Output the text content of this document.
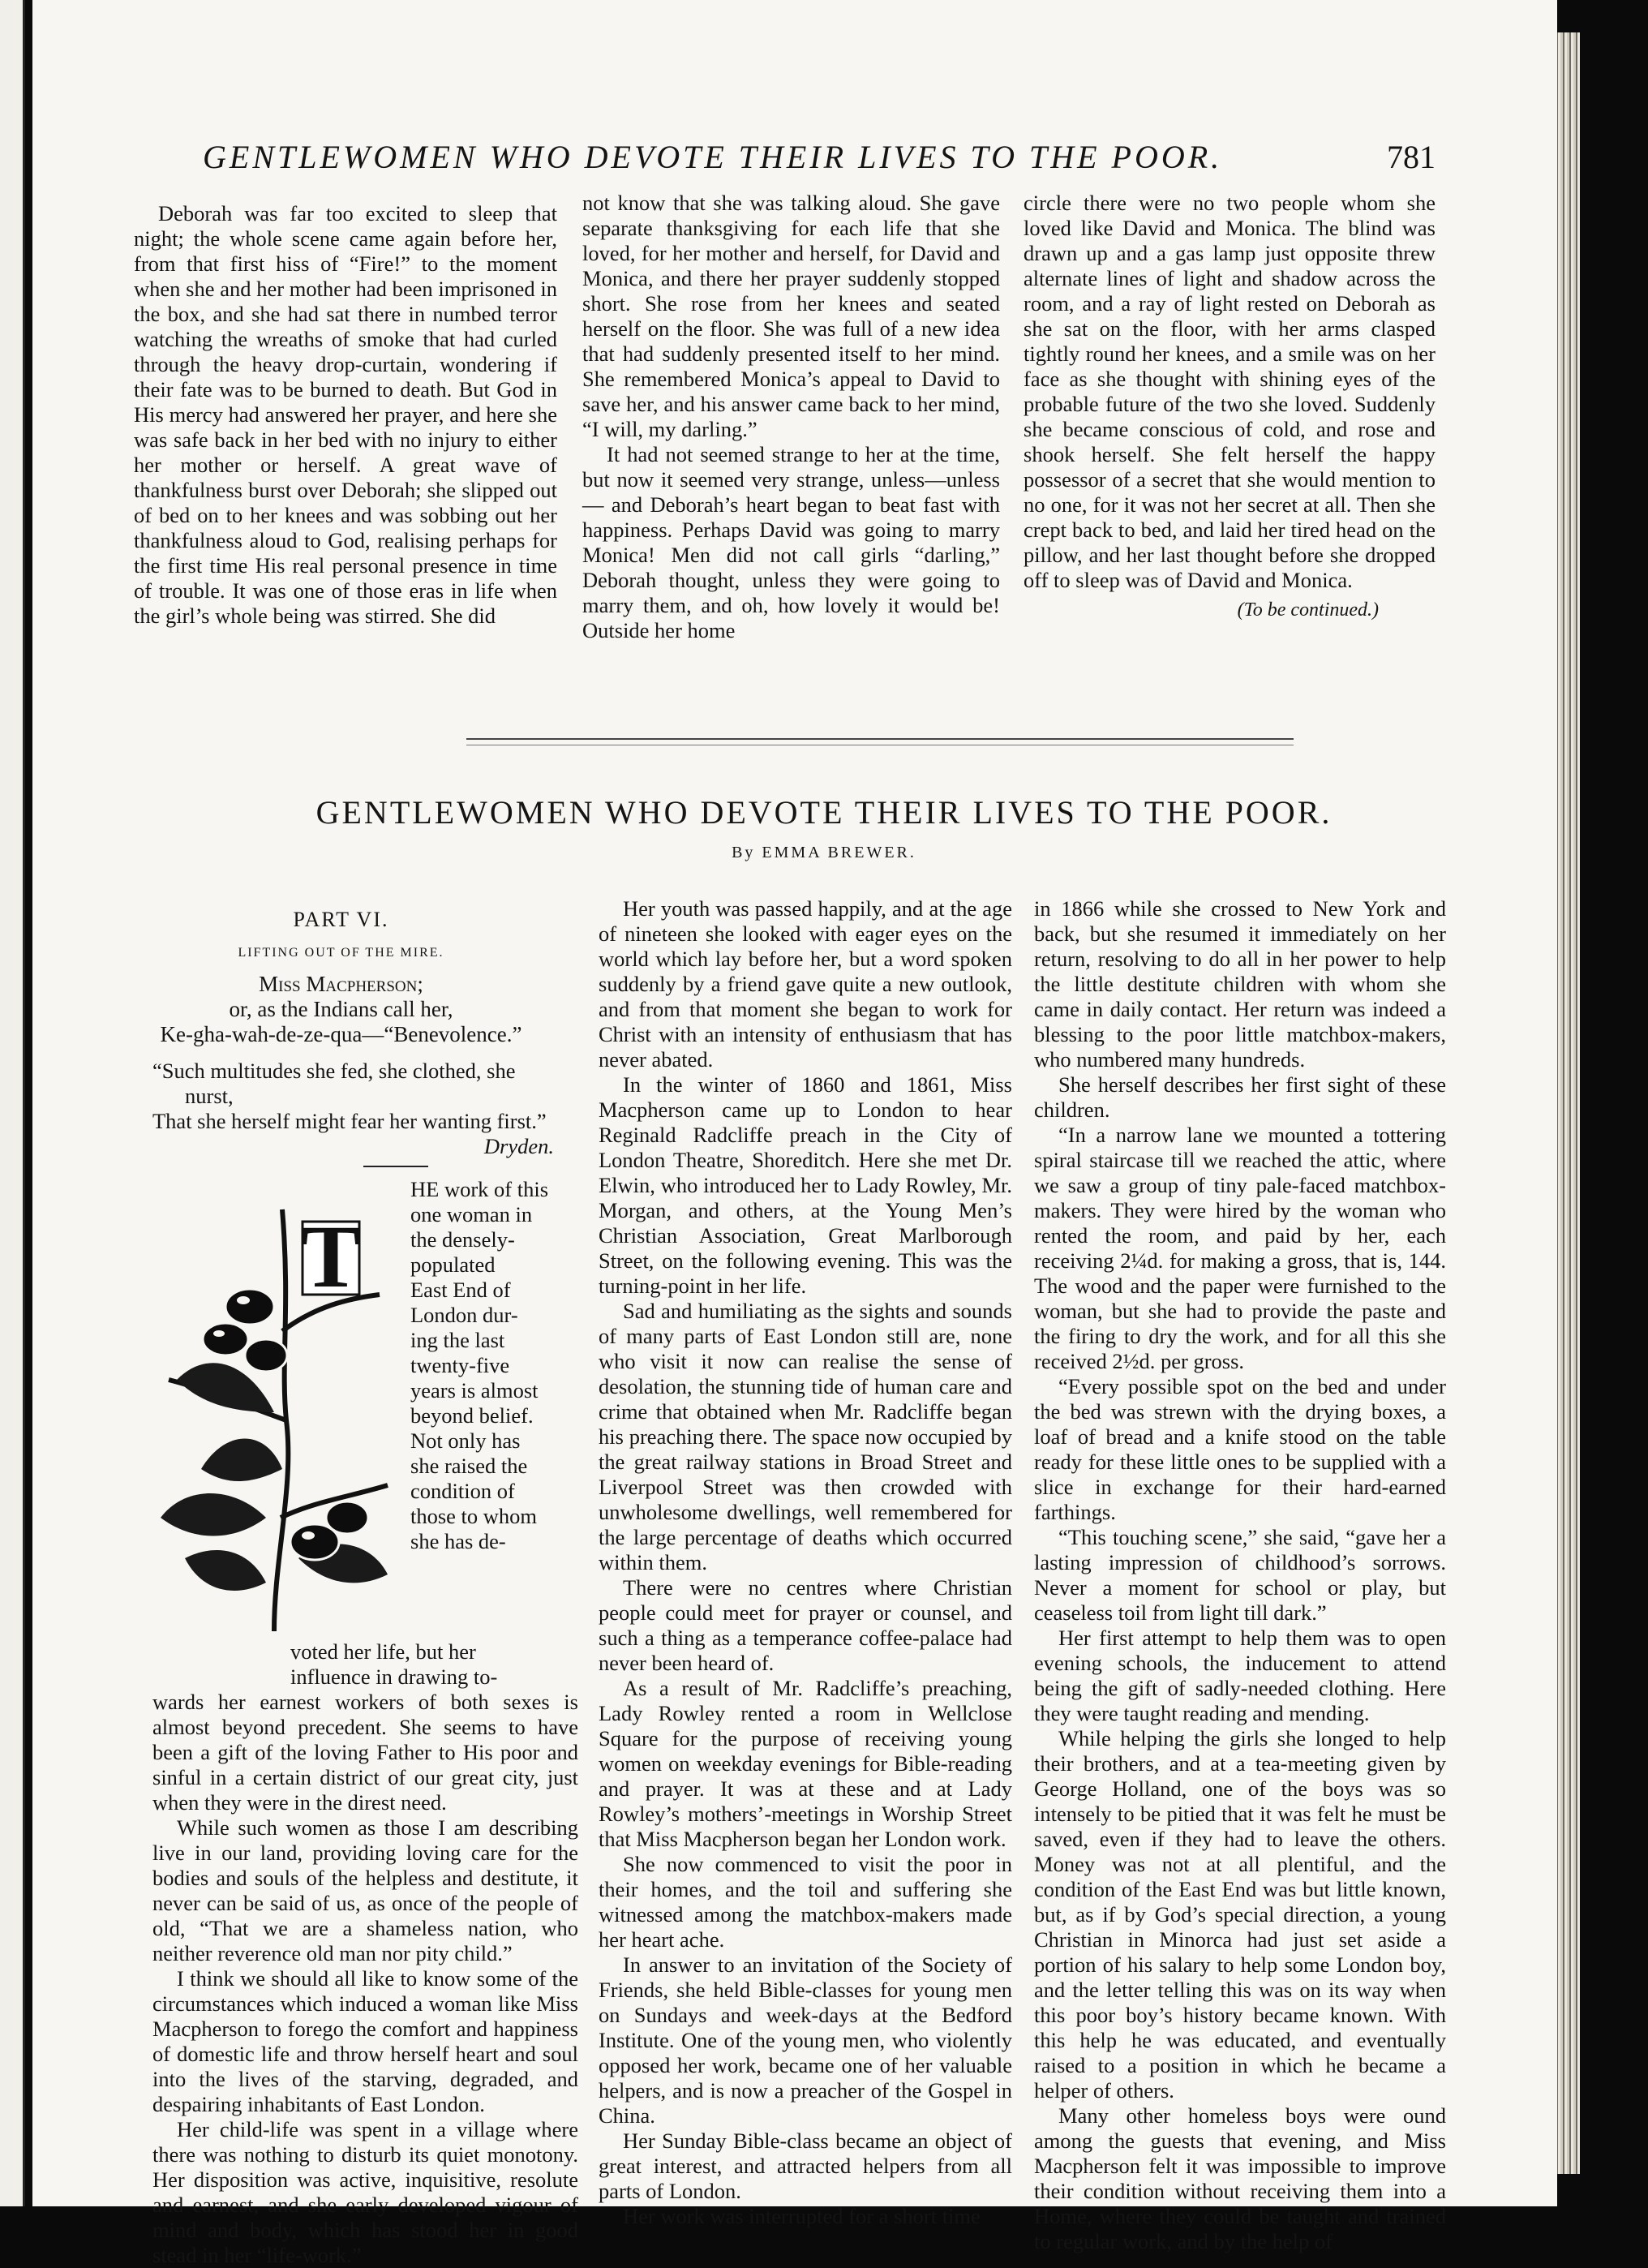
GENTLEWOMEN WHO DEVOTE THEIR LIVES TO THE POOR.	781

Deborah was far too excited to sleep that night; the whole scene came again before her, from that first hiss of “Fire!” to the moment when she and her mother had been imprisoned in the box, and she had sat there in numbed terror watching the wreaths of smoke that had curled through the heavy drop-curtain, wondering if their fate was to be burned to death. But God in His mercy had answered her prayer, and here she was safe back in her bed with no injury to either her mother or herself. A great wave of thankfulness burst over Deborah; she slipped out of bed on to her knees and was sobbing out her thankfulness aloud to God, realising perhaps for the first time His real personal presence in time of trouble. It was one of those eras in life when the girl’s whole being was stirred. She did

not know that she was talking aloud. She gave separate thanksgiving for each life that she loved, for her mother and herself, for David and Monica, and there her prayer suddenly stopped short. She rose from her knees and seated herself on the floor. She was full of a new idea that had suddenly presented itself to her mind. She remembered Monica’s appeal to David to save her, and his answer came back to her mind, “I will, my darling.”

It had not seemed strange to her at the time, but now it seemed very strange, unless—unless — and Deborah’s heart began to beat fast with happiness. Perhaps David was going to marry Monica! Men did not call girls “darling,” Deborah thought, unless they were going to marry them, and oh, how lovely it would be! Outside her home

circle there were no two people whom she loved like David and Monica. The blind was drawn up and a gas lamp just opposite threw alternate lines of light and shadow across the room, and a ray of light rested on Deborah as she sat on the floor, with her arms clasped tightly round her knees, and a smile was on her face as she thought with shining eyes of the probable future of the two she loved. Suddenly she became conscious of cold, and rose and shook herself. She felt herself the happy possessor of a secret that she would mention to no one, for it was not her secret at all. Then she crept back to bed, and laid her tired head on the pillow, and her last thought before she dropped off to sleep was of David and Monica.

(To be continued.)
GENTLEWOMEN WHO DEVOTE THEIR LIVES TO THE POOR.
By EMMA BREWER.
PART VI.
LIFTING OUT OF THE MIRE.
Miss Macpherson;
or, as the Indians call her,
Ke-gha-wah-de-ze-qua—“Benevolence.”
“Such multitudes she fed, she clothed, she
nurst,
That she herself might fear her wanting first.”
Dryden.
T
HE work of this
one woman in
the densely-
populated
East End of
London dur-
ing the last
twenty-five
years is almost
beyond belief.
Not only has
she raised the
condition of
those to whom
she has de-
voted her life, but her
influence in drawing to-

wards her earnest workers of both sexes is almost beyond precedent. She seems to have been a gift of the loving Father to His poor and sinful in a certain district of our great city, just when they were in the direst need.

While such women as those I am describing live in our land, providing loving care for the bodies and souls of the helpless and destitute, it never can be said of us, as once of the people of old, “That we are a shameless nation, who neither reverence old man nor pity child.”

I think we should all like to know some of the circumstances which induced a woman like Miss Macpherson to forego the comfort and happiness of domestic life and throw herself heart and soul into the lives of the starving, degraded, and despairing inhabitants of East London.

Her child-life was spent in a village where there was nothing to disturb its quiet monotony. Her disposition was active, inquisitive, resolute and earnest, and she early developed vigour of mind and body, which has stood her in good stead in her “life-work.”

Her youth was passed happily, and at the age of nineteen she looked with eager eyes on the world which lay before her, but a word spoken suddenly by a friend gave quite a new outlook, and from that moment she began to work for Christ with an intensity of enthusiasm that has never abated.

In the winter of 1860 and 1861, Miss Macpherson came up to London to hear Reginald Radcliffe preach in the City of London Theatre, Shoreditch. Here she met Dr. Elwin, who introduced her to Lady Rowley, Mr. Morgan, and others, at the Young Men’s Christian Association, Great Marlborough Street, on the following evening. This was the turning-point in her life.

Sad and humiliating as the sights and sounds of many parts of East London still are, none who visit it now can realise the sense of desolation, the stunning tide of human care and crime that obtained when Mr. Radcliffe began his preaching there. The space now occupied by the great railway stations in Broad Street and Liverpool Street was then crowded with unwholesome dwellings, well remembered for the large percentage of deaths which occurred within them.

There were no centres where Christian people could meet for prayer or counsel, and such a thing as a temperance coffee-palace had never been heard of.

As a result of Mr. Radcliffe’s preaching, Lady Rowley rented a room in Wellclose Square for the purpose of receiving young women on weekday evenings for Bible-reading and prayer. It was at these and at Lady Rowley’s mothers’-meetings in Worship Street that Miss Macpherson began her London work.

She now commenced to visit the poor in their homes, and the toil and suffering she witnessed among the matchbox-makers made her heart ache.

In answer to an invitation of the Society of Friends, she held Bible-classes for young men on Sundays and week-days at the Bedford Institute. One of the young men, who violently opposed her work, became one of her valuable helpers, and is now a preacher of the Gospel in China.

Her Sunday Bible-class became an object of great interest, and attracted helpers from all parts of London.

Her work was interrupted for a short time

in 1866 while she crossed to New York and back, but she resumed it immediately on her return, resolving to do all in her power to help the little destitute children with whom she came in daily contact. Her return was indeed a blessing to the poor little matchbox-makers, who numbered many hundreds.

She herself describes her first sight of these children.

“In a narrow lane we mounted a tottering spiral staircase till we reached the attic, where we saw a group of tiny pale-faced matchbox-makers. They were hired by the woman who rented the room, and paid by her, each receiving 2¼d. for making a gross, that is, 144. The wood and the paper were furnished to the woman, but she had to provide the paste and the firing to dry the work, and for all this she received 2½d. per gross.

“Every possible spot on the bed and under the bed was strewn with the drying boxes, a loaf of bread and a knife stood on the table ready for these little ones to be supplied with a slice in exchange for their hard-earned farthings.

“This touching scene,” she said, “gave her a lasting impression of childhood’s sorrows. Never a moment for school or play, but ceaseless toil from light till dark.”

Her first attempt to help them was to open evening schools, the inducement to attend being the gift of sadly-needed clothing. Here they were taught reading and mending.

While helping the girls she longed to help their brothers, and at a tea-meeting given by George Holland, one of the boys was so intensely to be pitied that it was felt he must be saved, even if they had to leave the others. Money was not at all plentiful, and the condition of the East End was but little known, but, as if by God’s special direction, a young Christian in Minorca had just set aside a portion of his salary to help some London boy, and the letter telling this was on its way when this poor boy’s history became known. With this help he was educated, and eventually raised to a position in which he became a helper of others.

Many other homeless boys were ound among the guests that evening, and Miss Macpherson felt it was impossible to improve their condition without receiving them into a Home, where they could be taught and trained to regular work, and by the help of
